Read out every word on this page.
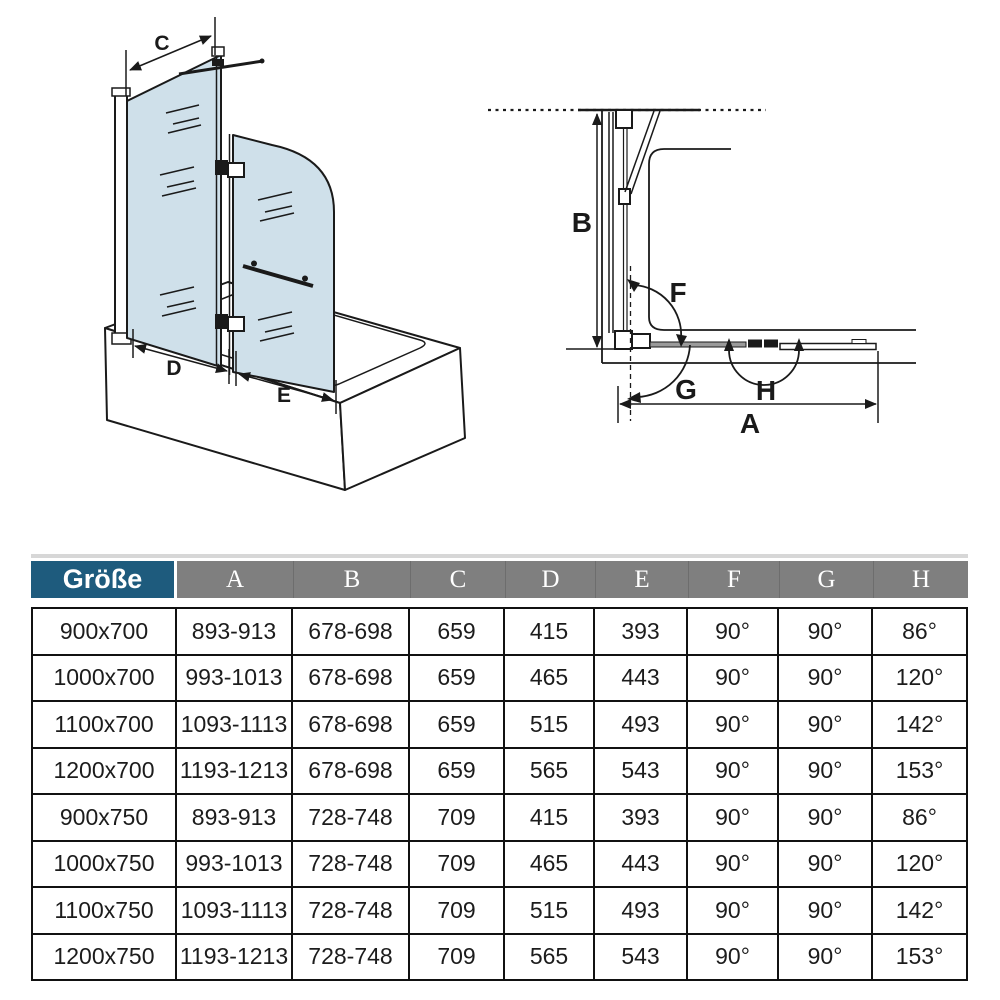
C
D
E
F
G H
B
A
Größe	A	B	C	D	E	F	G	H
900x700	893-913	678-698	659	415	393	90°	90°	86°
1000x700	993-1013	678-698	659	465	443	90°	90°	120°
1100x700	1093-1113	678-698	659	515	493	90°	90°	142°
1200x700	1193-1213	678-698	659	565	543	90°	90°	153°
900x750	893-913	728-748	709	415	393	90°	90°	86°
1000x750	993-1013	728-748	709	465	443	90°	90°	120°
1100x750	1093-1113	728-748	709	515	493	90°	90°	142°
1200x750	1193-1213	728-748	709	565	543	90°	90°	153°
